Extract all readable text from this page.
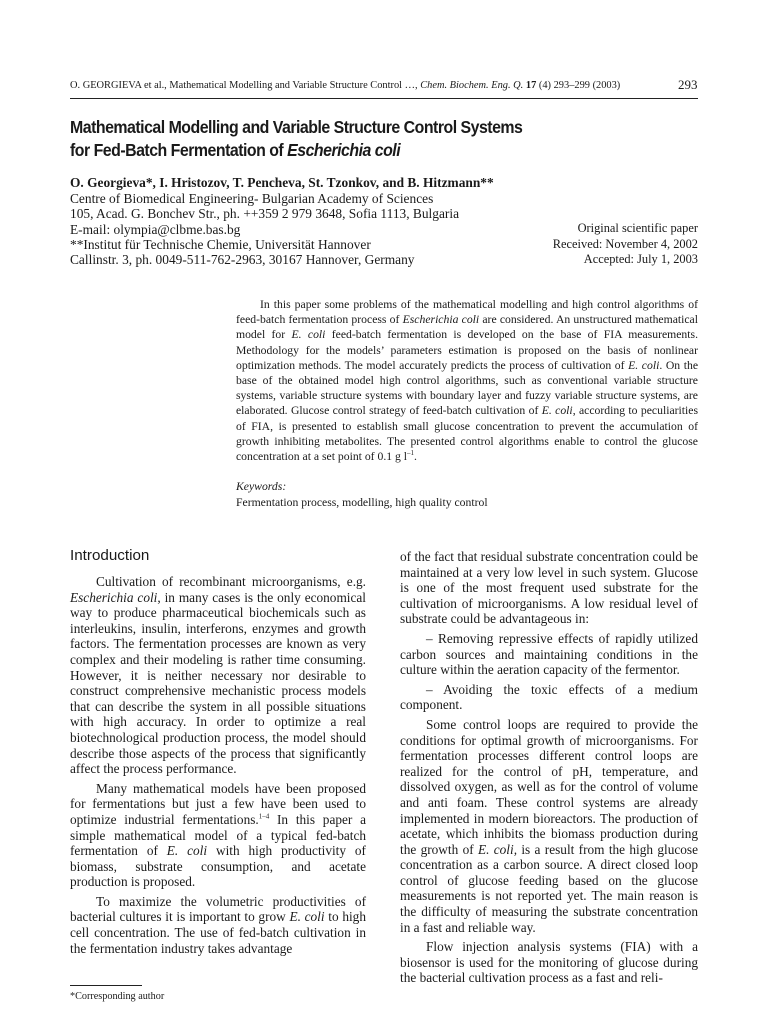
O. GEORGIEVA et al., Mathematical Modelling and Variable Structure Control …, Chem. Biochem. Eng. Q. 17 (4) 293–299 (2003)	293
Mathematical Modelling and Variable Structure Control Systems
for Fed-Batch Fermentation of Escherichia coli
O. Georgieva*, I. Hristozov, T. Pencheva, St. Tzonkov, and B. Hitzmann**
Centre of Biomedical Engineering- Bulgarian Academy of Sciences
105, Acad. G. Bonchev Str., ph. ++359 2 979 3648, Sofia 1113, Bulgaria
E-mail: olympia@clbme.bas.bg
**Institut für Technische Chemie, Universität Hannover
Callinstr. 3, ph. 0049-511-762-2963, 30167 Hannover, Germany
Original scientific paper
Received: November 4, 2002
Accepted: July 1, 2003

In this paper some problems of the mathematical modelling and high control algorithms of feed-batch fermentation process of Escherichia coli are considered. An unstructured mathematical model for E. coli feed-batch fermentation is developed on the base of FIA measurements. Methodology for the models’ parameters estimation is proposed on the basis of nonlinear optimization methods. The model accurately predicts the process of cultivation of E. coli. On the base of the obtained model high control algorithms, such as conventional variable structure systems, variable structure systems with boundary layer and fuzzy variable structure systems, are elaborated. Glucose control strategy of feed-batch cultivation of E. coli, according to peculiarities of FIA, is presented to establish small glucose concentration to prevent the accumulation of growth inhibiting metabolites. The presented control algorithms enable to control the glucose concentration at a set point of 0.1 g $l^{-1}$.

Keywords:
Fermentation process, modelling, high quality control
Introduction

Cultivation of recombinant microorganisms, e.g. Escherichia coli, in many cases is the only economical way to produce pharmaceutical biochemicals such as interleukins, insulin, interferons, enzymes and growth factors. The fermentation processes are known as very complex and their modeling is rather time consuming. However, it is neither necessary nor desirable to construct comprehensive mechanistic process models that can describe the system in all possible situations with high accuracy. In order to optimize a real biotechnological production process, the model should describe those aspects of the process that significantly affect the process performance.

Many mathematical models have been proposed for fermentations but just a few have been used to optimize industrial fermentations.$^{1-4}$ In this paper a simple mathematical model of a typical fed-batch fermentation of E. coli with high productivity of biomass, substrate consumption, and acetate production is proposed.

To maximize the volumetric productivities of bacterial cultures it is important to grow E. coli to high cell concentration. The use of fed-batch cultivation in the fermentation industry takes advantage

of the fact that residual substrate concentration could be maintained at a very low level in such system. Glucose is one of the most frequent used substrate for the cultivation of microorganisms. A low residual level of substrate could be advantageous in:

– Removing repressive effects of rapidly utilized carbon sources and maintaining conditions in the culture within the aeration capacity of the fermentor.

– Avoiding the toxic effects of a medium component.

Some control loops are required to provide the conditions for optimal growth of microorganisms. For fermentation processes different control loops are realized for the control of pH, temperature, and dissolved oxygen, as well as for the control of volume and anti foam. These control systems are already implemented in modern bioreactors. The production of acetate, which inhibits the biomass production during the growth of E. coli, is a result from the high glucose concentration as a carbon source. A direct closed loop control of glucose feeding based on the glucose measurements is not reported yet. The main reason is the difficulty of measuring the substrate concentration in a fast and reliable way.

Flow injection analysis systems (FIA) with a biosensor is used for the monitoring of glucose during the bacterial cultivation process as a fast and reli-

*Corresponding author
